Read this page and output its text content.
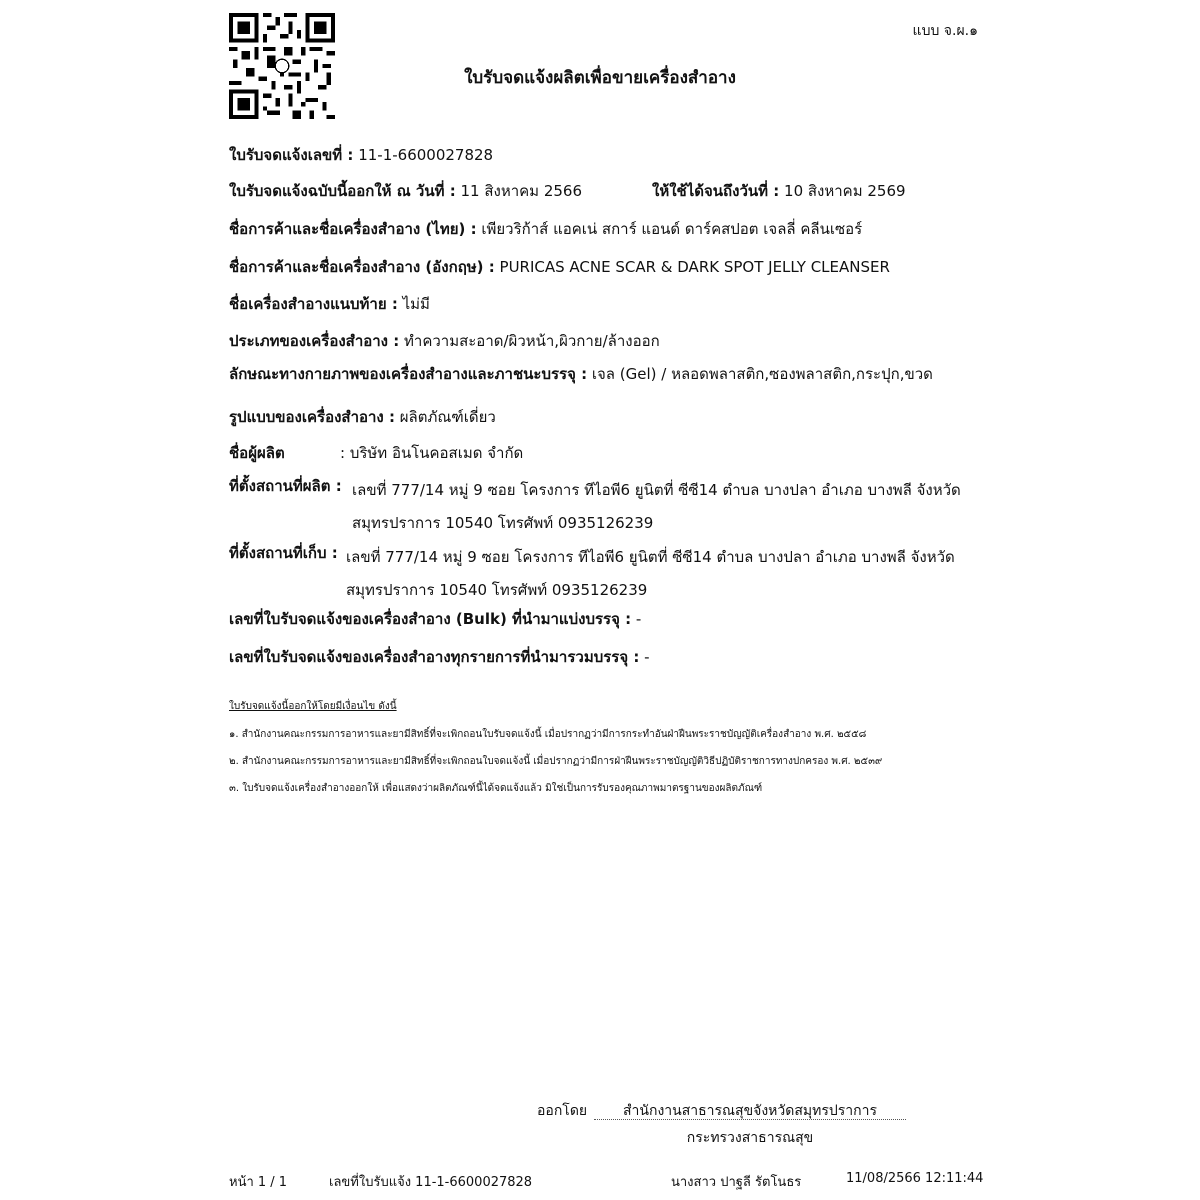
แบบ จ.ผ.๑
ใบรับจดแจ้งผลิตเพื่อขายเครื่องสำอาง
ใบรับจดแจ้งเลขที่ : 11-1-6600027828
ใบรับจดแจ้งฉบับนี้ออกให้ ณ วันที่ : 11 สิงหาคม 2566	ให้ใช้ได้จนถึงวันที่ : 10 สิงหาคม 2569
ชื่อการค้าและชื่อเครื่องสำอาง (ไทย) : เพียวริก้าส์ แอคเน่ สการ์ แอนด์ ดาร์คสปอต เจลลี่ คลีนเซอร์
ชื่อการค้าและชื่อเครื่องสำอาง (อังกฤษ) : PURICAS ACNE SCAR & DARK SPOT JELLY CLEANSER
ชื่อเครื่องสำอางแนบท้าย : ไม่มี
ประเภทของเครื่องสำอาง : ทำความสะอาด/ผิวหน้า,ผิวกาย/ล้างออก
ลักษณะทางกายภาพของเครื่องสำอางและภาชนะบรรจุ : เจล (Gel) / หลอดพลาสติก,ซองพลาสติก,กระปุก,ขวด
รูปแบบของเครื่องสำอาง : ผลิตภัณฑ์เดี่ยว
ชื่อผู้ผลิต	: บริษัท อินโนคอสเมด จำกัด
ที่ตั้งสถานที่ผลิต : เลขที่ 777/14 หมู่ 9 ซอย โครงการ ทีไอพี6 ยูนิตที่ ซีซี14 ตำบล บางปลา อำเภอ บางพลี จังหวัด
สมุทรปราการ 10540 โทรศัพท์ 0935126239
ที่ตั้งสถานที่เก็บ : เลขที่ 777/14 หมู่ 9 ซอย โครงการ ทีไอพี6 ยูนิตที่ ซีซี14 ตำบล บางปลา อำเภอ บางพลี จังหวัด
สมุทรปราการ 10540 โทรศัพท์ 0935126239
เลขที่ใบรับจดแจ้งของเครื่องสำอาง (Bulk) ที่นำมาแบ่งบรรจุ : -
เลขที่ใบรับจดแจ้งของเครื่องสำอางทุกรายการที่นำมารวมบรรจุ : -
ใบรับจดแจ้งนี้ออกให้โดยมีเงื่อนไข ดังนี้
๑. สำนักงานคณะกรรมการอาหารและยามีสิทธิ์ที่จะเพิกถอนใบรับจดแจ้งนี้ เมื่อปรากฏว่ามีการกระทำอันฝ่าฝืนพระราชบัญญัติเครื่องสำอาง พ.ศ. ๒๕๕๘
๒. สำนักงานคณะกรรมการอาหารและยามีสิทธิ์ที่จะเพิกถอนใบจดแจ้งนี้ เมื่อปรากฏว่ามีการฝ่าฝืนพระราชบัญญัติวิธีปฏิบัติราชการทางปกครอง พ.ศ. ๒๕๓๙
๓. ใบรับจดแจ้งเครื่องสำอางออกให้ เพื่อแสดงว่าผลิตภัณฑ์นี้ได้จดแจ้งแล้ว มิใช่เป็นการรับรองคุณภาพมาตรฐานของผลิตภัณฑ์
ออกโดย	สำนักงานสาธารณสุขจังหวัดสมุทรปราการ
กระทรวงสาธารณสุข
หน้า 1 / 1	เลขที่ใบรับแจ้ง 11-1-6600027828	นางสาว ปาฐลี รัตโนธร	11/08/2566 12:11:44
